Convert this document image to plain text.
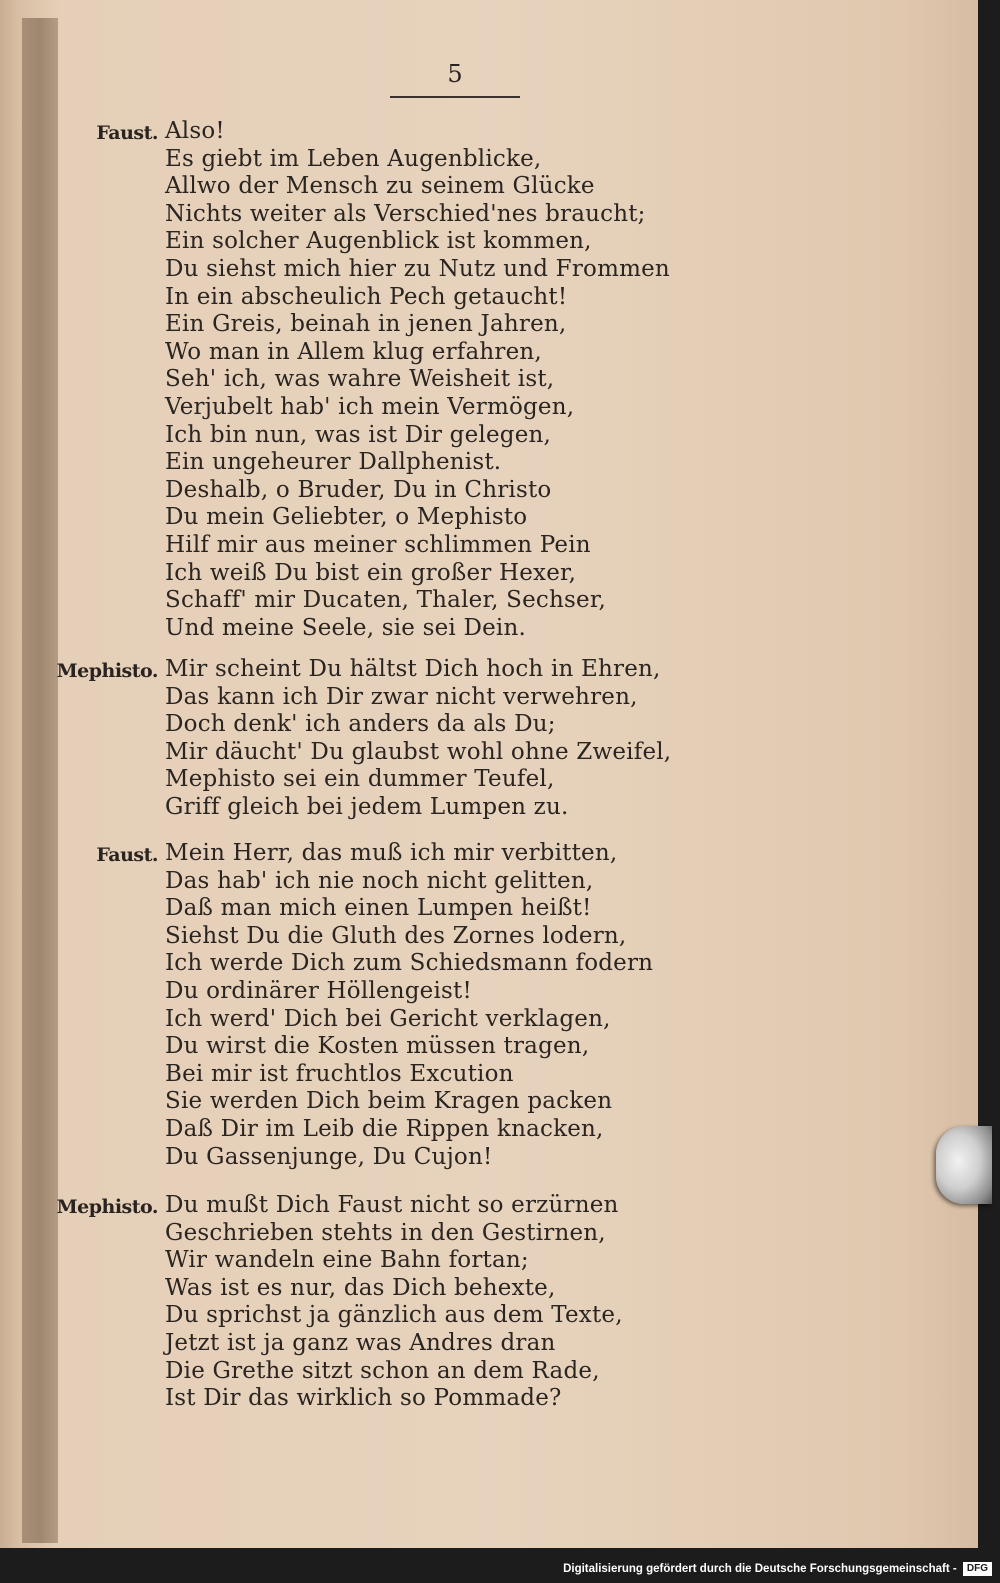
5
Faust. Also!
Es giebt im Leben Augenblicke,
Allwo der Mensch zu seinem Glücke
Nichts weiter als Verschied'nes braucht;
Ein solcher Augenblick ist kommen,
Du siehst mich hier zu Nutz und Frommen
In ein abscheulich Pech getaucht!
Ein Greis, beinah in jenen Jahren,
Wo man in Allem klug erfahren,
Seh' ich, was wahre Weisheit ist,
Verjubelt hab' ich mein Vermögen,
Ich bin nun, was ist Dir gelegen,
Ein ungeheurer Dallphenist.
Deshalb, o Bruder, Du in Christo
Du mein Geliebter, o Mephisto
Hilf mir aus meiner schlimmen Pein
Ich weiß Du bist ein großer Hexer,
Schaff' mir Ducaten, Thaler, Sechser,
Und meine Seele, sie sei Dein.
Mephisto. Mir scheint Du hältst Dich hoch in Ehren,
Das kann ich Dir zwar nicht verwehren,
Doch denk' ich anders da als Du;
Mir däucht' Du glaubst wohl ohne Zweifel,
Mephisto sei ein dummer Teufel,
Griff gleich bei jedem Lumpen zu.
Faust. Mein Herr, das muß ich mir verbitten,
Das hab' ich nie noch nicht gelitten,
Daß man mich einen Lumpen heißt!
Siehst Du die Gluth des Zornes lodern,
Ich werde Dich zum Schiedsmann fodern
Du ordinärer Höllengeist!
Ich werd' Dich bei Gericht verklagen,
Du wirst die Kosten müssen tragen,
Bei mir ist fruchtlos Excution
Sie werden Dich beim Kragen packen
Daß Dir im Leib die Rippen knacken,
Du Gassenjunge, Du Cujon!
Mephisto. Du mußt Dich Faust nicht so erzürnen
Geschrieben stehts in den Gestirnen,
Wir wandeln eine Bahn fortan;
Was ist es nur, das Dich behexte,
Du sprichst ja gänzlich aus dem Texte,
Jetzt ist ja ganz was Andres dran
Die Grethe sitzt schon an dem Rade,
Ist Dir das wirklich so Pommade?
Digitalisierung gefördert durch die Deutsche Forschungsgemeinschaft - DFG
